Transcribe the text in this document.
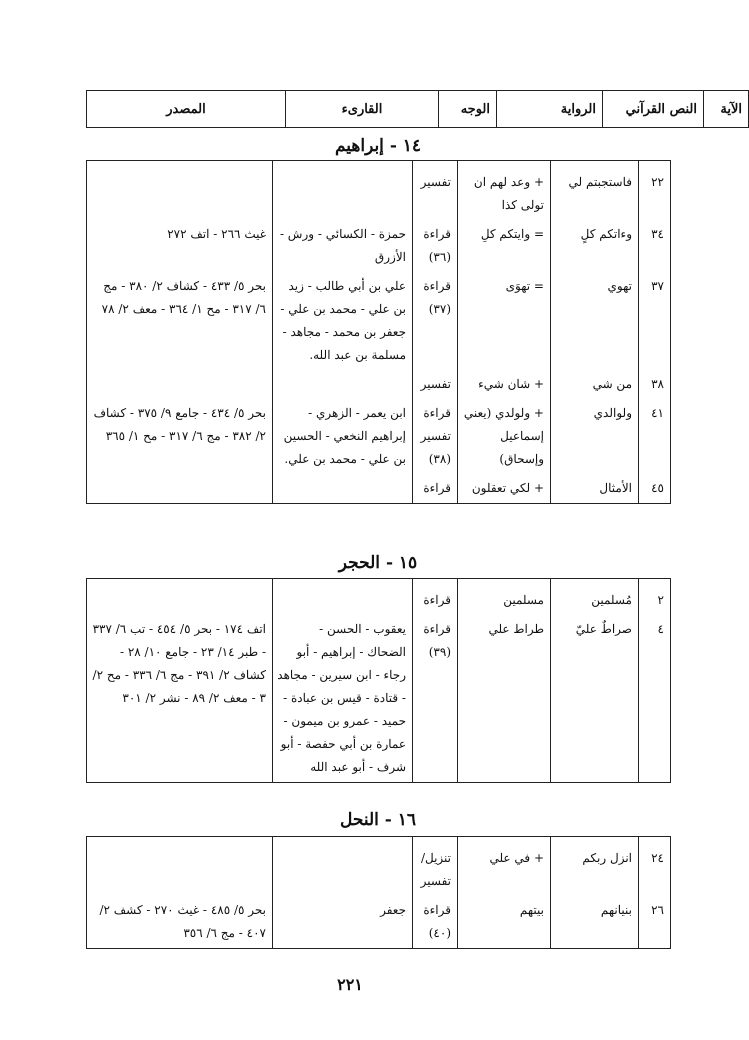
الآية	النص القرآني	الرواية	الوجه	القارىء	المصدر
١٤ - إبراهيم
٢٢	فاستجبتم لي	+ وعد لهم ان تولى كذا	تفسير		
٣٤	وءاتكم كلٍ	= وايتكم كلِ	قراءة (٣٦)	حمزة - الكسائي - ورش - الأزرق	غيث ٢٦٦ - اتف ٢٧٢
٣٧	تهوي	= تهوَى	قراءة (٣٧)	علي بن أبي طالب - زيد بن علي - محمد بن علي - جعفر بن محمد - مجاهد - مسلمة بن عبد الله.	بحر ٥/ ٤٣٣ - كشاف ٢/ ٣٨٠ - مج ٦/ ٣١٧ - مح ١/ ٣٦٤ - معف ٢/ ٧٨
٣٨	من شي	+ شان شيء	تفسير		
٤١	ولوالدي	+ ولولدي (يعني إسماعيل وإسحاق)	قراءة تفسير (٣٨)	ابن يعمر - الزهري - إبراهيم النخعي - الحسين بن علي - محمد بن علي.	بحر ٥/ ٤٣٤ - جامع ٩/ ٣٧٥ - كشاف ٢/ ٣٨٢ - مج ٦/ ٣١٧ - مح ١/ ٣٦٥
٤٥	الأمثال	+ لكي تعقلون	قراءة		
١٥ - الحجر
٢	مُسلمين	مسلمين	قراءة		
٤	صراطٌ عليّ	طراط علي	قراءة (٣٩)	يعقوب - الحسن - الضحاك - إبراهيم - أبو رجاء - ابن سيرين - مجاهد - قتادة - قيس بن عبادة - حميد - عمرو بن ميمون - عمارة بن أبي حفصة - أبو شرف - أبو عبد الله	اتف ١٧٤ - بحر ٥/ ٤٥٤ - تب ٦/ ٣٣٧ - طبر ١٤/ ٢٣ - جامع ١٠/ ٢٨ - كشاف ٢/ ٣٩١ - مج ٦/ ٣٣٦ - مح ٢/ ٣ - معف ٢/ ٨٩ - نشر ٢/ ٣٠١
١٦ - النحل
٢٤	انزل ربكم	+ في علي	تنزيل/ تفسير		
٢٦	بنيانهم	بيتهم	قراءة (٤٠)	جعفر	بحر ٥/ ٤٨٥ - غيث ٢٧٠ - كشف ٢/ ٤٠٧ - مج ٦/ ٣٥٦
٢٢١
